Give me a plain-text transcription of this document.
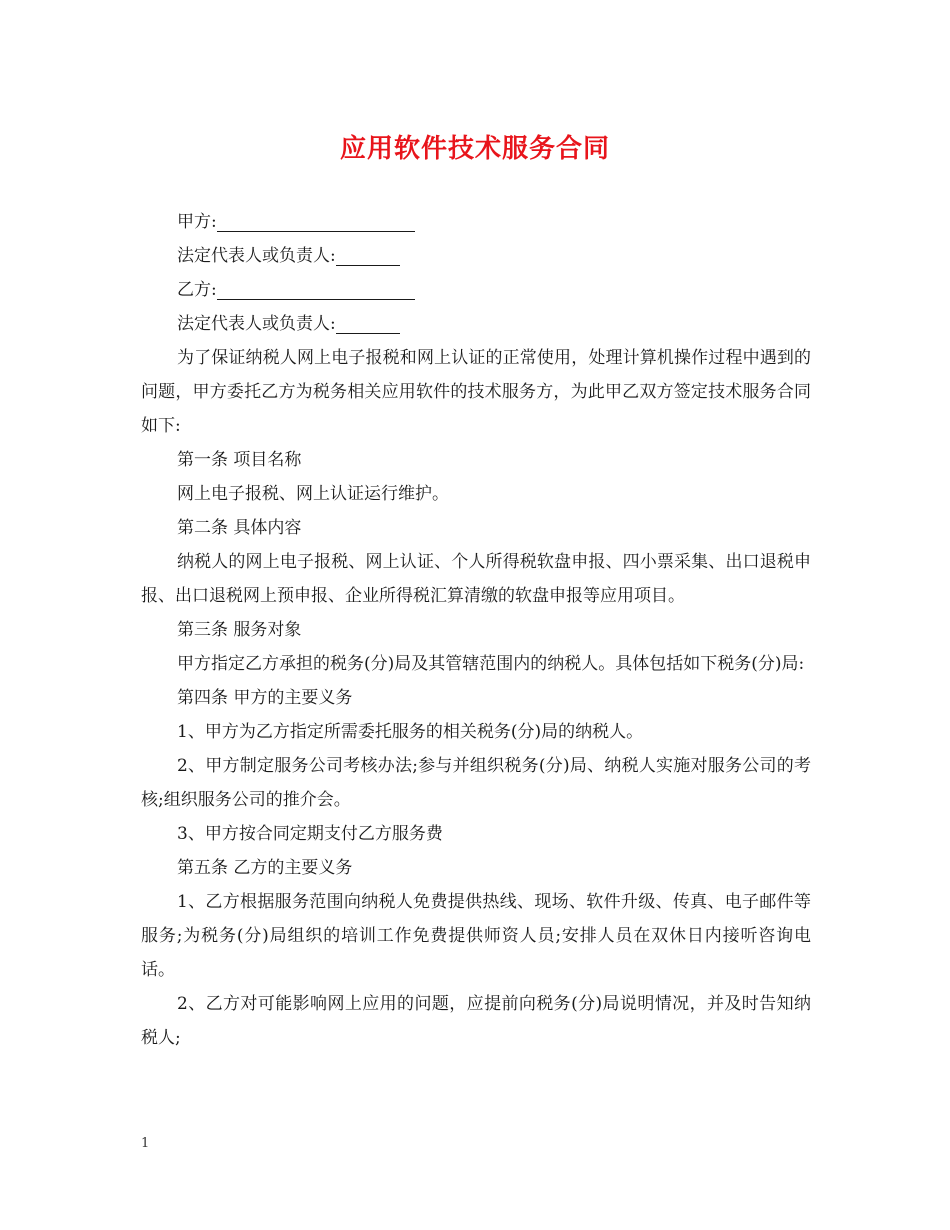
应用软件技术服务合同

甲方:

法定代表人或负责人:

乙方:

法定代表人或负责人:

为了保证纳税人网上电子报税和网上认证的正常使用，处理计算机操作过程中遇到的问题，甲方委托乙方为税务相关应用软件的技术服务方，为此甲乙双方签定技术服务合同如下:

第一条 项目名称

网上电子报税、网上认证运行维护。

第二条 具体内容

纳税人的网上电子报税、网上认证、个人所得税软盘申报、四小票采集、出口退税申报、出口退税网上预申报、企业所得税汇算清缴的软盘申报等应用项目。

第三条 服务对象

甲方指定乙方承担的税务(分)局及其管辖范围内的纳税人。具体包括如下税务(分)局:

第四条 甲方的主要义务

1、甲方为乙方指定所需委托服务的相关税务(分)局的纳税人。

2、甲方制定服务公司考核办法;参与并组织税务(分)局、纳税人实施对服务公司的考核;组织服务公司的推介会。

3、甲方按合同定期支付乙方服务费

第五条 乙方的主要义务

1、乙方根据服务范围向纳税人免费提供热线、现场、软件升级、传真、电子邮件等服务;为税务(分)局组织的培训工作免费提供师资人员;安排人员在双休日内接听咨询电话。

2、乙方对可能影响网上应用的问题，应提前向税务(分)局说明情况，并及时告知纳税人;

1
